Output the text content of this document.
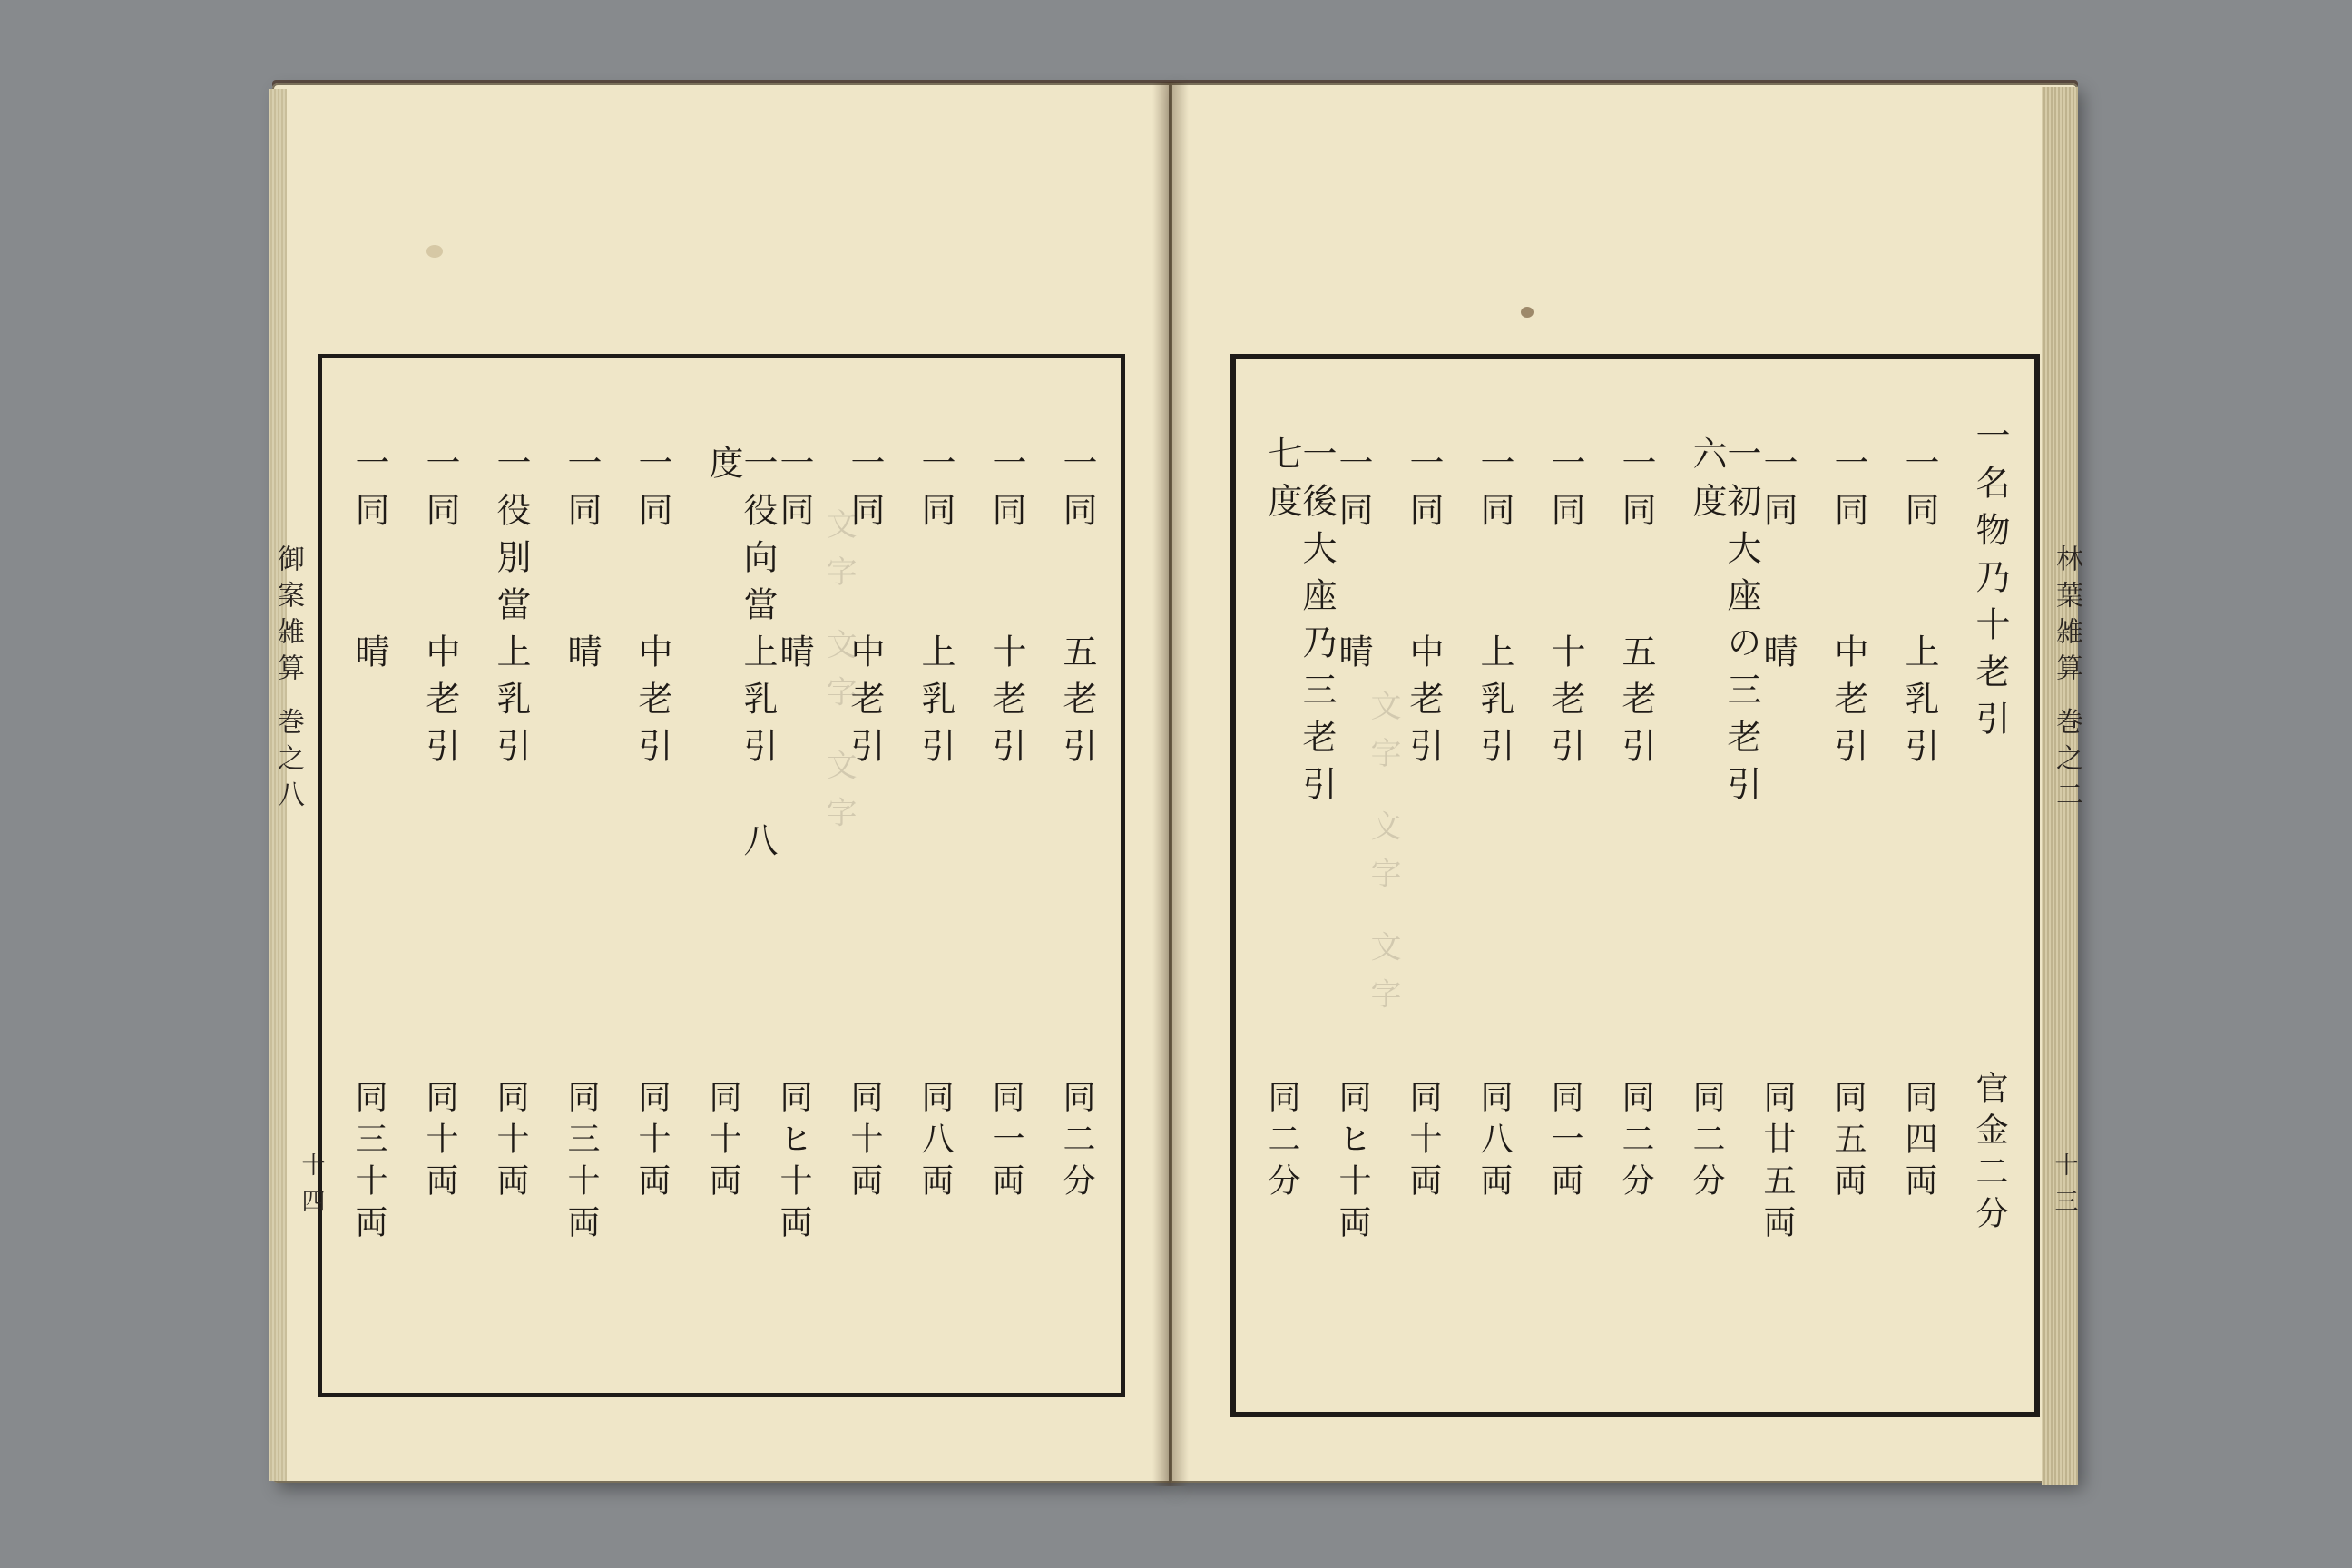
文字 文字 文字
文字 文字 文字
御案雑算 巻之八
十四
林葉雑算 巻之二
十三
一同　　五老引
同二分
一同　　十老引
同一両
一同　　上乳引
同八両
一同　　中老引
同十両
一同　　晴
同ヒ十両
一役向當上乳引　八度
同十両
一同　　中老引
同十両
一同　　晴
同三十両
一役別當上乳引
同十両
一同　　中老引
同十両
一同　　晴
同三十両
一名物乃十老引
官金二分
一同　　上乳引
同四両
一同　　中老引
同五両
一同　　晴
同廿五両
一初大座の三老引　六度
同二分
一同　　五老引
同二分
一同　　十老引
同一両
一同　　上乳引
同八両
一同　　中老引
同十両
一同　　晴
同ヒ十両
一後大座乃三老引　七度
同二分
